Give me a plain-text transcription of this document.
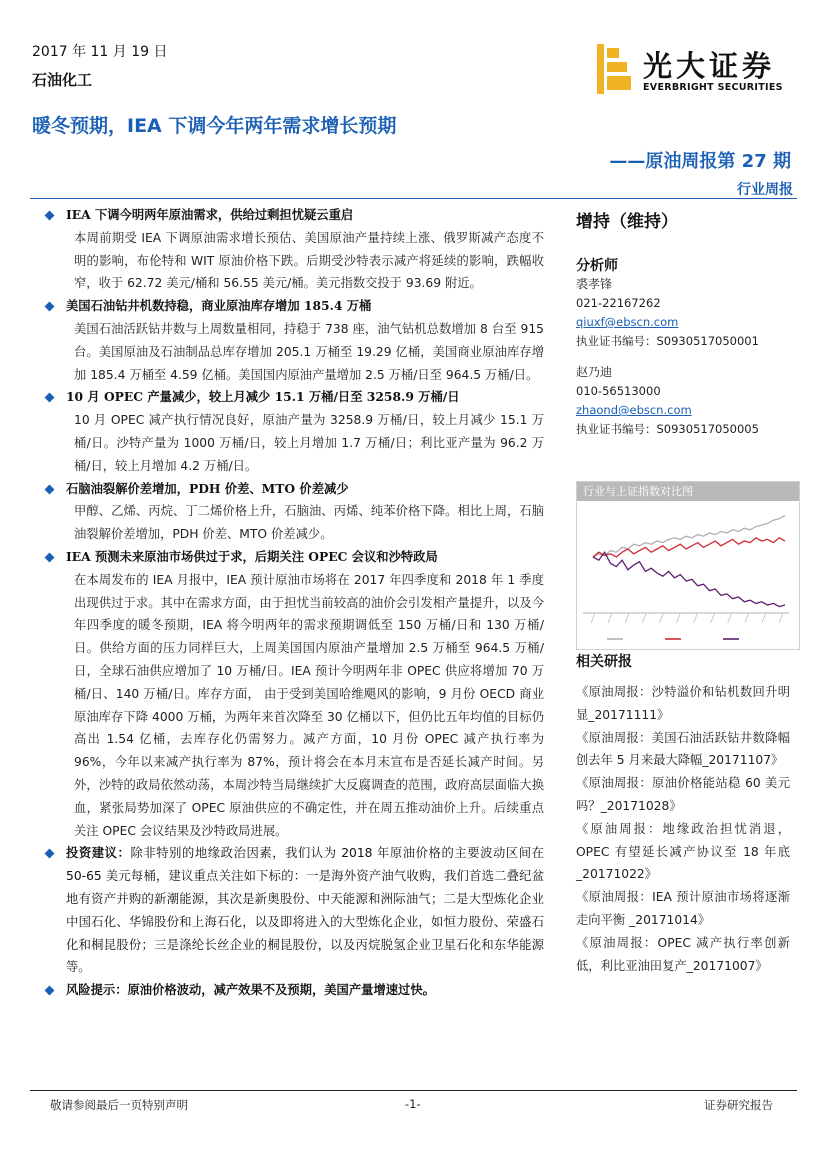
2017 年 11 月 19 日
石油化工	光大证券
EVERBRIGHT SECURITIES
暖冬预期，IEA 下调今年两年需求增长预期
——原油周报第 27 期
行业周报
IEA 下调今明两年原油需求，供给过剩担忧疑云重启
本周前期受 IEA 下调原油需求增长预估、美国原油产量持续上涨、俄罗斯减产态度不明的影响，布伦特和 WIT 原油价格下跌。后期受沙特表示减产将延续的影响，跌幅收窄，收于 62.72 美元/桶和 56.55 美元/桶。美元指数交投于 93.69 附近。
美国石油钻井机数持稳，商业原油库存增加 185.4 万桶
美国石油活跃钻井数与上周数量相同，持稳于 738 座，油气钻机总数增加 8 台至 915 台。美国原油及石油制品总库存增加 205.1 万桶至 19.29 亿桶，美国商业原油库存增加 185.4 万桶至 4.59 亿桶。美国国内原油产量增加 2.5 万桶/日至 964.5 万桶/日。
10 月 OPEC 产量减少，较上月减少 15.1 万桶/日至 3258.9 万桶/日
10 月 OPEC 减产执行情况良好，原油产量为 3258.9 万桶/日，较上月减少 15.1 万桶/日。沙特产量为 1000 万桶/日，较上月增加 1.7 万桶/日；利比亚产量为 96.2 万桶/日，较上月增加 4.2 万桶/日。
石脑油裂解价差增加，PDH 价差、MTO 价差减少
甲醇、乙烯、丙烷、丁二烯价格上升，石脑油、丙烯、纯苯价格下降。相比上周，石脑油裂解价差增加，PDH 价差、MTO 价差减少。
IEA 预测未来原油市场供过于求，后期关注 OPEC 会议和沙特政局
在本周发布的 IEA 月报中，IEA 预计原油市场将在 2017 年四季度和 2018 年 1 季度出现供过于求。其中在需求方面，由于担忧当前较高的油价会引发相产量提升，以及今年四季度的暖冬预期，IEA 将今明两年的需求预期调低至 150 万桶/日和 130 万桶/日。供给方面的压力同样巨大，上周美国国内原油产量增加 2.5 万桶至 964.5 万桶/日，全球石油供应增加了 10 万桶/日。IEA 预计今明两年非 OPEC 供应将增加 70 万桶/日、140 万桶/日。库存方面， 由于受到美国哈维飓风的影响，9 月份 OECD 商业原油库存下降 4000 万桶，为两年来首次降至 30 亿桶以下，但仍比五年均值的目标仍高出 1.54 亿桶，去库存化仍需努力。减产方面，10 月份 OPEC 减产执行率为 96%，今年以来减产执行率为 87%，预计将会在本月末宣布是否延长减产时间。另外，沙特的政局依然动荡，本周沙特当局继续扩大反腐调查的范围，政府高层面临大换血，紧张局势加深了 OPEC 原油供应的不确定性，并在周五推动油价上升。后续重点关注 OPEC 会议结果及沙特政局进展。
投资建议：除非特别的地缘政治因素，我们认为 2018 年原油价格的主要波动区间在 50-65 美元每桶，建议重点关注如下标的：一是海外资产油气收购，我们首选二叠纪盆地有资产并购的新潮能源，其次是新奥股份、中天能源和洲际油气；二是大型炼化企业中国石化、华锦股份和上海石化，以及即将进入的大型炼化企业，如恒力股份、荣盛石化和桐昆股份；三是涤纶长丝企业的桐昆股份，以及丙烷脱氢企业卫星石化和东华能源等。
风险提示：原油价格波动，减产效果不及预期，美国产量增速过快。
增持（维持）
分析师
裘孝锋
021-22167262
qiuxf@ebscn.com
执业证书编号：S0930517050001
赵乃迪
010-56513000
zhaond@ebscn.com
执业证书编号：S0930517050005
行业与上证指数对比图
相关研报
《原油周报：沙特溢价和钻机数回升明显_20171111》
《原油周报：美国石油活跃钻井数降幅创去年 5 月来最大降幅_20171107》
《原油周报：原油价格能站稳 60 美元吗？_20171028》
《原油周报：地缘政治担忧消退，OPEC 有望延长减产协议至 18 年底_20171022》
《原油周报：IEA 预计原油市场将逐渐走向平衡 _20171014》
《原油周报：OPEC 减产执行率创新低，利比亚油田复产_20171007》
敬请参阅最后一页特别声明	-1-	证券研究报告
